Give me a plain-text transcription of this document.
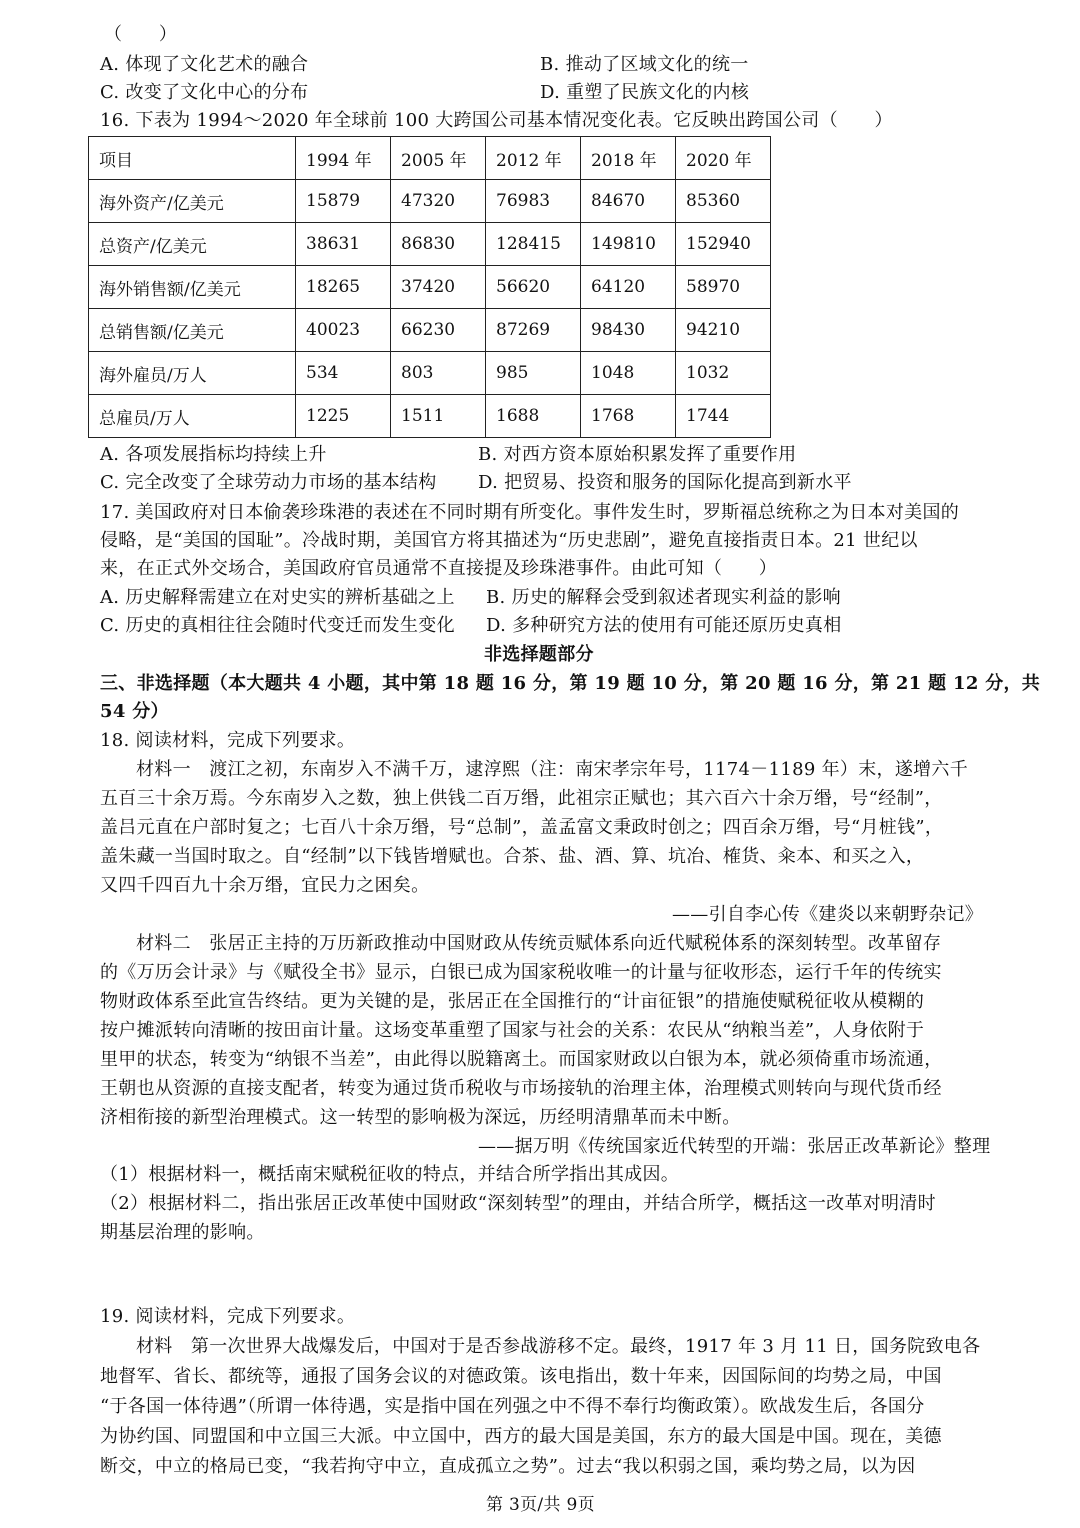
（　　）
A. 体现了文化艺术的融合	B. 推动了区域文化的统一
C. 改变了文化中心的分布	D. 重塑了民族文化的内核
16. 下表为 1994～2020 年全球前 100 大跨国公司基本情况变化表。它反映出跨国公司（　　）
项目	1994 年	2005 年	2012 年	2018 年	2020 年
海外资产/亿美元	15879	47320	76983	84670	85360
总资产/亿美元	38631	86830	128415	149810	152940
海外销售额/亿美元	18265	37420	56620	64120	58970
总销售额/亿美元	40023	66230	87269	98430	94210
海外雇员/万人	534	803	985	1048	1032
总雇员/万人	1225	1511	1688	1768	1744
A. 各项发展指标均持续上升	B. 对西方资本原始积累发挥了重要作用
C. 完全改变了全球劳动力市场的基本结构 D. 把贸易、投资和服务的国际化提高到新水平
17. 美国政府对日本偷袭珍珠港的表述在不同时期有所变化。事件发生时，罗斯福总统称之为日本对美国的
侵略，是“美国的国耻”。冷战时期，美国官方将其描述为“历史悲剧”，避免直接指责日本。21 世纪以
来，在正式外交场合，美国政府官员通常不直接提及珍珠港事件。由此可知（　　）
A. 历史解释需建立在对史实的辨析基础之上 B. 历史的解释会受到叙述者现实利益的影响
C. 历史的真相往往会随时代变迁而发生变化 D. 多种研究方法的使用有可能还原历史真相
非选择题部分
三、非选择题（本大题共 4 小题，其中第 18 题 16 分，第 19 题 10 分，第 20 题 16 分，第 21 题 12 分，共
54 分）
18. 阅读材料，完成下列要求。
材料一　渡江之初，东南岁入不满千万，逮淳熙（注：南宋孝宗年号，1174－1189 年）末，遂增六千
五百三十余万焉。今东南岁入之数，独上供钱二百万缗，此祖宗正赋也；其六百六十余万缗，号“经制”，
盖吕元直在户部时复之；七百八十余万缗，号“总制”，盖孟富文秉政时创之；四百余万缗，号“月桩钱”，
盖朱藏一当国时取之。自“经制”以下钱皆增赋也。合茶、盐、酒、算、坑冶、榷货、籴本、和买之入，
又四千四百九十余万缗，宜民力之困矣。
——引自李心传《建炎以来朝野杂记》
材料二　张居正主持的万历新政推动中国财政从传统贡赋体系向近代赋税体系的深刻转型。改革留存
的《万历会计录》与《赋役全书》显示，白银已成为国家税收唯一的计量与征收形态，运行千年的传统实
物财政体系至此宣告终结。更为关键的是，张居正在全国推行的“计亩征银”的措施使赋税征收从模糊的
按户摊派转向清晰的按田亩计量。这场变革重塑了国家与社会的关系：农民从“纳粮当差”，人身依附于
里甲的状态，转变为“纳银不当差”，由此得以脱籍离土。而国家财政以白银为本，就必须倚重市场流通，
王朝也从资源的直接支配者，转变为通过货币税收与市场接轨的治理主体，治理模式则转向与现代货币经
济相衔接的新型治理模式。这一转型的影响极为深远，历经明清鼎革而未中断。
——据万明《传统国家近代转型的开端：张居正改革新论》整理
（1）根据材料一，概括南宋赋税征收的特点，并结合所学指出其成因。
（2）根据材料二，指出张居正改革使中国财政“深刻转型”的理由，并结合所学，概括这一改革对明清时
期基层治理的影响。
19. 阅读材料，完成下列要求。
材料　第一次世界大战爆发后，中国对于是否参战游移不定。最终，1917 年 3 月 11 日，国务院致电各
地督军、省长、都统等，通报了国务会议的对德政策。该电指出，数十年来，因国际间的均势之局，中国
“于各国一体待遇”（所谓一体待遇，实是指中国在列强之中不得不奉行均衡政策）。欧战发生后，各国分
为协约国、同盟国和中立国三大派。中立国中，西方的最大国是美国，东方的最大国是中国。现在，美德
断交，中立的格局已变，“我若拘守中立，直成孤立之势”。过去“我以积弱之国，乘均势之局，以为因
第 3页/共 9页
